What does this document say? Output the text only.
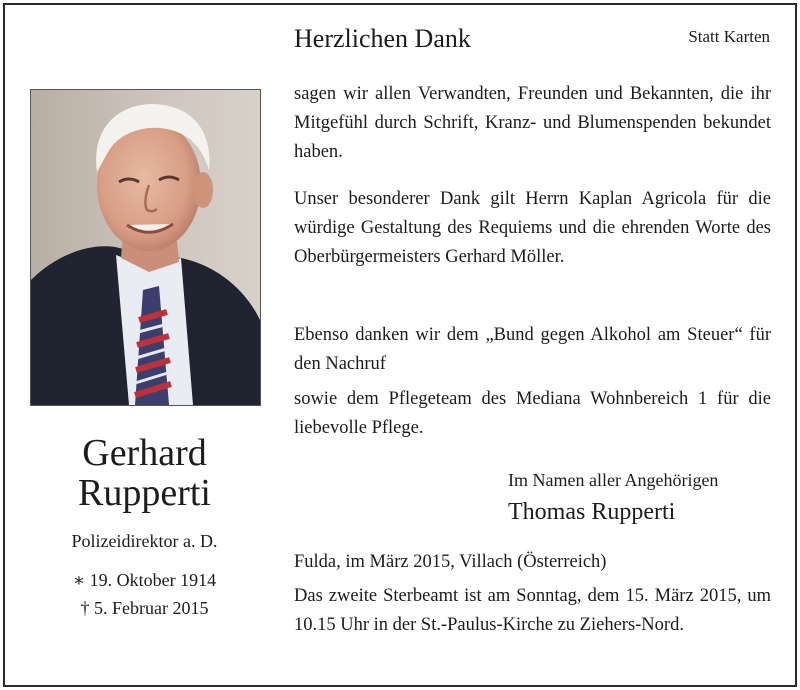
Gerhard
Rupperti
Polizeidirektor a. D.
∗ 19. Oktober 1914
† 5. Februar 2015
Herzlichen Dank	Statt Karten
sagen wir allen Verwandten, Freunden und Bekannten, die ihr Mitgefühl durch Schrift, Kranz- und Blumenspenden bekundet haben.
Unser besonderer Dank gilt Herrn Kaplan Agricola für die würdige Gestaltung des Requiems und die ehrenden Worte des Oberbürgermeisters Gerhard Möller.
Ebenso danken wir dem „Bund gegen Alkohol am Steuer“ für den Nachruf
sowie dem Pflegeteam des Mediana Wohnbereich 1 für die liebevolle Pflege.
Im Namen aller Angehörigen
Thomas Rupperti
Fulda, im März 2015, Villach (Österreich)
Das zweite Sterbeamt ist am Sonntag, dem 15. März 2015, um 10.15 Uhr in der St.-Paulus-Kirche zu Ziehers-Nord.
